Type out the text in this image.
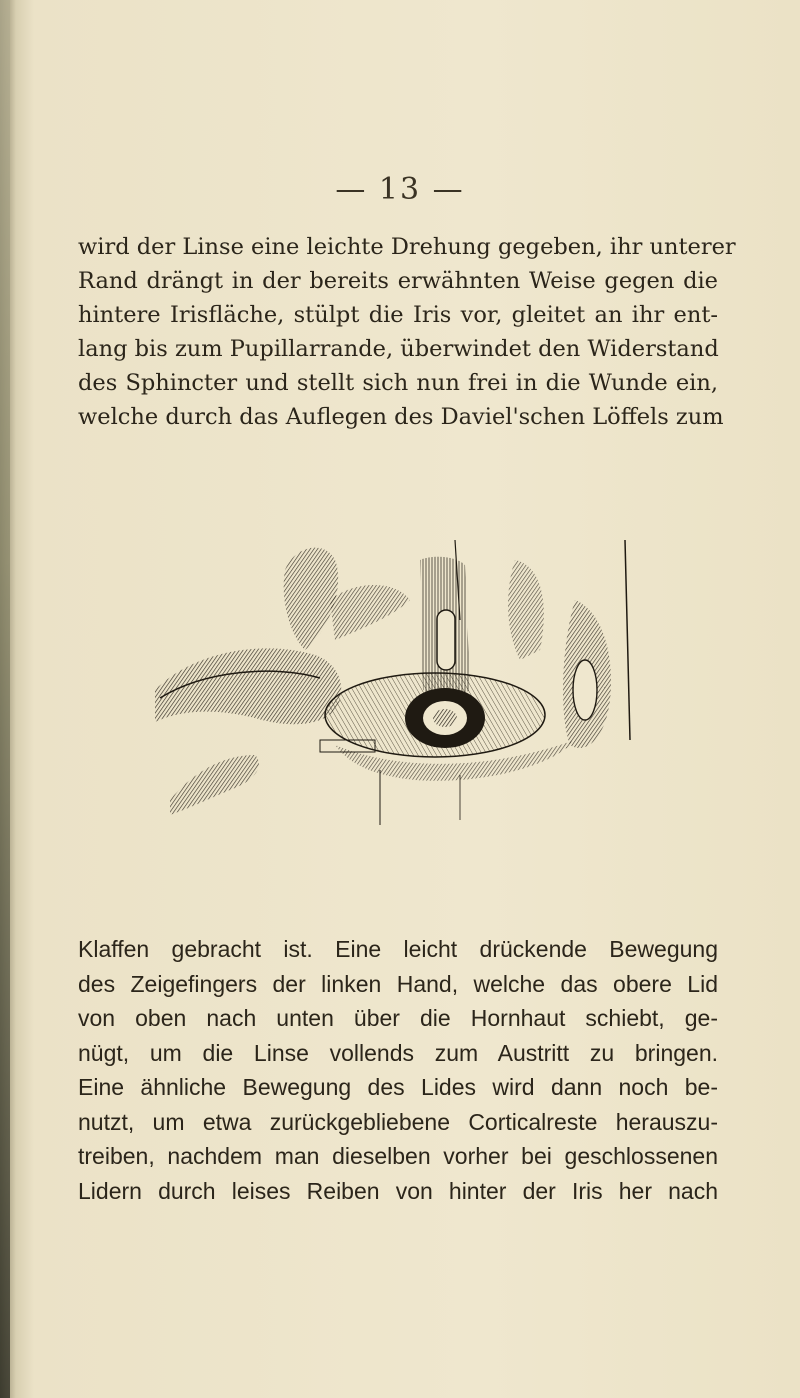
— 13 —
wird der Linse eine leichte Drehung gegeben, ihr unterer
Rand drängt in der bereits erwähnten Weise gegen die
hintere Irisfläche, stülpt die Iris vor, gleitet an ihr ent-
lang bis zum Pupillarrande, überwindet den Widerstand
des Sphincter und stellt sich nun frei in die Wunde ein,
welche durch das Auflegen des Daviel'schen Löffels zum
Klaffen gebracht ist. Eine leicht drückende Bewegung
des Zeigefingers der linken Hand, welche das obere Lid
von oben nach unten über die Hornhaut schiebt, ge-
nügt, um die Linse vollends zum Austritt zu bringen.
Eine ähnliche Bewegung des Lides wird dann noch be-
nutzt, um etwa zurückgebliebene Corticalreste herauszu-
treiben, nachdem man dieselben vorher bei geschlossenen
Lidern durch leises Reiben von hinter der Iris her nach
